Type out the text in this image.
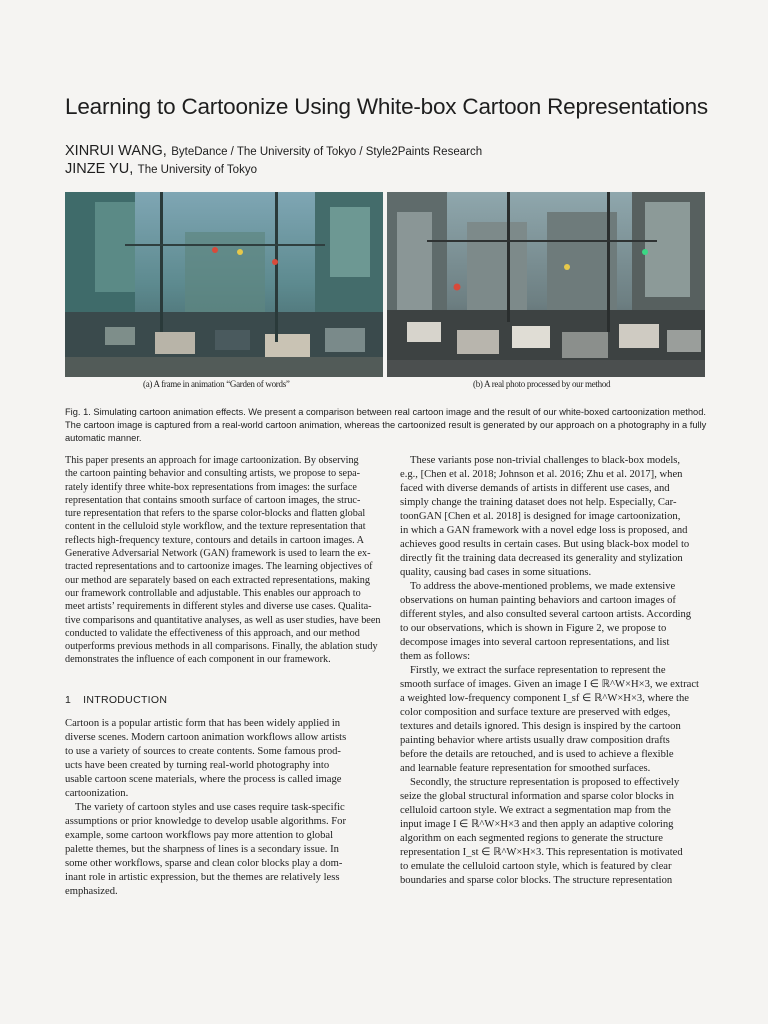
Learning to Cartoonize Using White-box Cartoon Representations
XINRUI WANG, ByteDance / The University of Tokyo / Style2Paints Research
JINZE YU, The University of Tokyo
(a) A frame in animation “Garden of words”	(b) A real photo processed by our method

Fig. 1. Simulating cartoon animation effects. We present a comparison between real cartoon image and the result of our white-boxed cartoonization method.

The cartoon image is captured from a real-world cartoon animation, whereas the cartoonized result is generated by our approach on a photography in a fully

automatic manner.

This paper presents an approach for image cartoonization. By observing
the cartoon painting behavior and consulting artists, we propose to sepa-
rately identify three white-box representations from images: the surface
representation that contains smooth surface of cartoon images, the struc-
ture representation that refers to the sparse color-blocks and flatten global
content in the celluloid style workflow, and the texture representation that
reflects high-frequency texture, contours and details in cartoon images. A
Generative Adversarial Network (GAN) framework is used to learn the ex-
tracted representations and to cartoonize images. The learning objectives of
our method are separately based on each extracted representations, making
our framework controllable and adjustable. This enables our approach to
meet artists’ requirements in different styles and diverse use cases. Qualita-
tive comparisons and quantitative analyses, as well as user studies, have been
conducted to validate the effectiveness of this approach, and our method
outperforms previous methods in all comparisons. Finally, the ablation study
demonstrates the influence of each component in our framework.
1 INTRODUCTION

Cartoon is a popular artistic form that has been widely applied in
diverse scenes. Modern cartoon animation workflows allow artists
to use a variety of sources to create contents. Some famous prod-
ucts have been created by turning real-world photography into
usable cartoon scene materials, where the process is called image
cartoonization.

The variety of cartoon styles and use cases require task-specific
assumptions or prior knowledge to develop usable algorithms. For
example, some cartoon workflows pay more attention to global
palette themes, but the sharpness of lines is a secondary issue. In
some other workflows, sparse and clean color blocks play a dom-
inant role in artistic expression, but the themes are relatively less
emphasized.

These variants pose non-trivial challenges to black-box models,
e.g., [Chen et al. 2018; Johnson et al. 2016; Zhu et al. 2017], when
faced with diverse demands of artists in different use cases, and
simply change the training dataset does not help. Especially, Car-
toonGAN [Chen et al. 2018] is designed for image cartoonization,
in which a GAN framework with a novel edge loss is proposed, and
achieves good results in certain cases. But using black-box model to
directly fit the training data decreased its generality and stylization
quality, causing bad cases in some situations.

To address the above-mentioned problems, we made extensive
observations on human painting behaviors and cartoon images of
different styles, and also consulted several cartoon artists. According
to our observations, which is shown in Figure 2, we propose to
decompose images into several cartoon representations, and list
them as follows:

Firstly, we extract the surface representation to represent the
smooth surface of images. Given an image I ∈ ℝ^W×H×3, we extract
a weighted low-frequency component I_sf ∈ ℝ^W×H×3, where the
color composition and surface texture are preserved with edges,
textures and details ignored. This design is inspired by the cartoon
painting behavior where artists usually draw composition drafts
before the details are retouched, and is used to achieve a flexible
and learnable feature representation for smoothed surfaces.

Secondly, the structure representation is proposed to effectively
seize the global structural information and sparse color blocks in
celluloid cartoon style. We extract a segmentation map from the
input image I ∈ ℝ^W×H×3 and then apply an adaptive coloring
algorithm on each segmented regions to generate the structure
representation I_st ∈ ℝ^W×H×3. This representation is motivated
to emulate the celluloid cartoon style, which is featured by clear
boundaries and sparse color blocks. The structure representation
